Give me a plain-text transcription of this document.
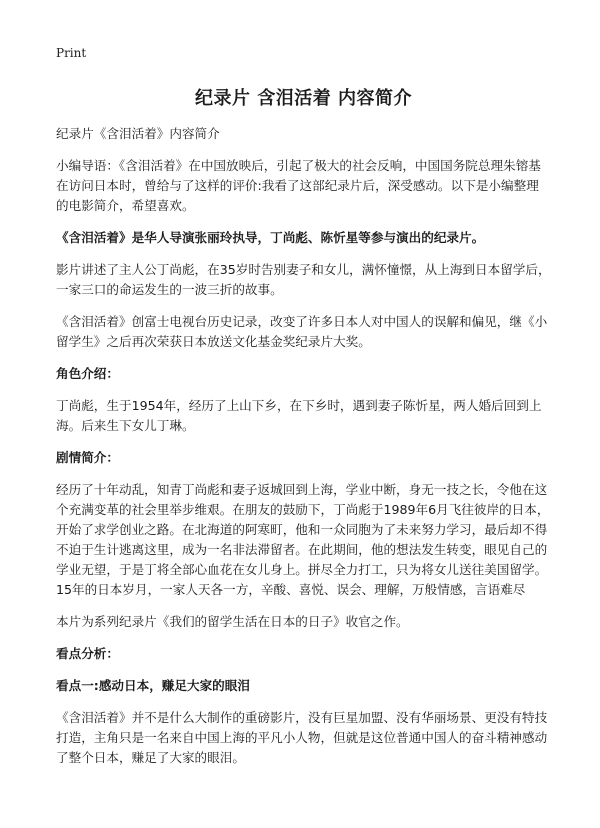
Print
纪录片 含泪活着 内容简介

纪录片《含泪活着》内容简介

小编导语：《含泪活着》在中国放映后，引起了极大的社会反响，中国国务院总理朱镕基在访问日本时，曾给与了这样的评价:我看了这部纪录片后，深受感动。以下是小编整理的电影简介，希望喜欢。

《含泪活着》是华人导演张丽玲执导，丁尚彪、陈忻星等参与演出的纪录片。

影片讲述了主人公丁尚彪，在35岁时告别妻子和女儿，满怀憧憬，从上海到日本留学后，一家三口的命运发生的一波三折的故事。

《含泪活着》创富士电视台历史记录，改变了许多日本人对中国人的误解和偏见，继《小留学生》之后再次荣获日本放送文化基金奖纪录片大奖。

角色介绍：

丁尚彪，生于1954年，经历了上山下乡，在下乡时，遇到妻子陈忻星，两人婚后回到上海。后来生下女儿丁琳。

剧情简介：

经历了十年动乱，知青丁尚彪和妻子返城回到上海，学业中断，身无一技之长，令他在这个充满变革的社会里举步维艰。在朋友的鼓励下，丁尚彪于1989年6月飞往彼岸的日本，开始了求学创业之路。在北海道的阿寒町，他和一众同胞为了未来努力学习，最后却不得不迫于生计逃离这里，成为一名非法滞留者。在此期间，他的想法发生转变，眼见自己的学业无望，于是丁将全部心血花在女儿身上。拼尽全力打工，只为将女儿送往美国留学。15年的日本岁月，一家人天各一方，辛酸、喜悦、误会、理解，万般情感，言语难尽

本片为系列纪录片《我们的留学生活在日本的日子》收官之作。

看点分析：

看点一:感动日本，赚足大家的眼泪

《含泪活着》并不是什么大制作的重磅影片，没有巨星加盟、没有华丽场景、更没有特技打造，主角只是一名来自中国上海的平凡小人物，但就是这位普通中国人的奋斗精神感动了整个日本，赚足了大家的眼泪。
